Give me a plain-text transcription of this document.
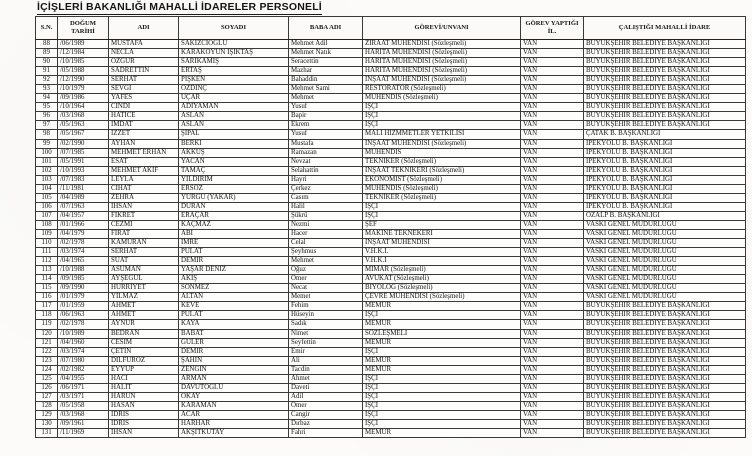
İÇİŞLERİ BAKANLIĞI MAHALLİ İDARELER PERSONELİ
S.N.	DOĞUM TARİHİ	ADI	SOYADI	BABA ADI	GÖREVİ/UNVANI	GÖREV YAPTIĞI İL.	ÇALIŞTIĞI MAHALLİ İDARE
88	/06/1989	MUSTAFA	SAKİZCİOĞLU	Mehmet Adil	ZİRAAT MÜHENDİSİ (Sözleşmeli)	VAN	BÜYÜKŞEHİR BELEDİYE BAŞKANLIĞI
89	/12/1984	NECLA	KARAKOYUN IŞIKTAŞ	Mehmet Natık	HARİTA MÜHENDİSİ (Sözleşmeli)	VAN	BÜYÜKŞEHİR BELEDİYE BAŞKANLIĞI
90	/10/1985	ÖZGÜR	SARIKAMIŞ	Seracettin	HARİTA MÜHENDİSİ (Sözleşmeli)	VAN	BÜYÜKŞEHİR BELEDİYE BAŞKANLIĞI
91	/05/1988	SADRETTİN	ERTAŞ	Mazhar	HARİTA MÜHENDİSİ (Sözleşmeli)	VAN	BÜYÜKŞEHİR BELEDİYE BAŞKANLIĞI
92	/12/1990	SERHAT	PİŞKEN	Bahaddin	İNŞAAT MÜHENDİSİ (Sözleşmeli)	VAN	BÜYÜKŞEHİR BELEDİYE BAŞKANLIĞI
93	/10/1979	SEVGİ	ÖZDİNÇ	Mehmet Sami	RESTORATÖR (Sözleşmeli)	VAN	BÜYÜKŞEHİR BELEDİYE BAŞKANLIĞI
94	/09/1986	YAFES	UÇAR	Mehmet	MÜHENDİS (Sözleşmeli)	VAN	BÜYÜKŞEHİR BELEDİYE BAŞKANLIĞI
95	/10/1964	CİNDİ	ADIYAMAN	Yusuf	İŞÇİ	VAN	BÜYÜKŞEHİR BELEDİYE BAŞKANLIĞI
96	/03/1968	HATİCE	ASLAN	Bapir	İŞÇİ	VAN	BÜYÜKŞEHİR BELEDİYE BAŞKANLIĞI
97	/05/1963	İMDAT	ASLAN	Ekrem	İŞÇİ	VAN	BÜYÜKŞEHİR BELEDİYE BAŞKANLIĞI
98	/05/1967	İZZET	ŞİPAL	Yusuf	MALİ HİZMMETLER YETKİLİSİ	VAN	ÇATAK B. BAŞKANLIĞI
99	/02/1990	AYHAN	BERKİ	Mustafa	İNŞAAT MÜHENDİSİ (Sözleşmeli)	VAN	İPEKYOLU B. BAŞKANLIĞI
100	/07/1985	MEHMET ERHAN	AKKUŞ	Ramazan	MÜHENDİS	VAN	İPEKYOLU B. BAŞKANLIĞI
101	/05/1991	ESAT	YACAN	Nevzat	TEKNİKER (Sözleşmeli)	VAN	İPEKYOLU B. BAŞKANLIĞI
102	/10/1993	MEHMET AKİF	TAMAÇ	Selahattin	İNŞAAT TEKNİKERİ (Sözleşmeli)	VAN	İPEKYOLU B. BAŞKANLIĞI
103	/07/1983	LEYLA	YILDIRIM	Hayri	EKONOMİST (Sözleşmeli)	VAN	İPEKYOLU B. BAŞKANLIĞI
104	/11/1981	CİHAT	ERSÖZ	Çerkez	MÜHENDİS (Sözleşmeli)	VAN	İPEKYOLU B. BAŞKANLIĞI
105	/04/1989	ZEHRA	YURĞU (YAKAR)	Casım	TEKNİKER (Sözleşmeli)	VAN	İPEKYOLU B. BAŞKANLIĞI
106	/07/1963	İHSAN	DURAN	Halil	İŞÇİ	VAN	İPEKYOLU B. BAŞKANLIĞI
107	/04/1957	FİKRET	ERAÇAR	Şükrü	İŞÇİ	VAN	ÖZALP B. BAŞKANLIĞI
108	/01/1966	CEZMİ	KAÇMAZ	Nezmi	ŞEF	VAN	VASKİ GENEL MÜDÜRLÜĞÜ
109	/04/1979	FIRAT	ABİ	Hacer	MAKİNE TEKNEKERİ	VAN	VASKİ GENEL MÜDÜRLÜĞÜ
110	/02/1978	KAMURAN	İMRE	Celal	İNŞAAT MÜHENDİSİ	VAN	VASKİ GENEL MÜDÜRLÜĞÜ
111	/03/1974	SERHAT	PULAT	Şeyhmus	V.H.K.İ.	VAN	VASKİ GENEL MÜDÜRLÜĞÜ
112	/04/1965	SUAT	DEMİR	Mehmet	V.H.K.İ	VAN	VASKİ GENEL MÜDÜRLÜĞÜ
113	/10/1988	ASUMAN	YAŞAR DENİZ	Oğuz	MİMAR (Sözleşmeli)	VAN	VASKİ GENEL MÜDÜRLÜĞÜ
114	/09/1985	AYŞEGÜL	AKIŞ	Ömer	AVUKAT (Sözleşmeli)	VAN	VASKİ GENEL MÜDÜRLÜĞÜ
115	/09/1990	HÜRRİYET	SÖNMEZ	Necat	BİYOLOG (Sözleşmeli)	VAN	VASKİ GENEL MÜDÜRLÜĞÜ
116	/01/1979	YILMAZ	ALTAN	Memet	ÇEVRE MÜHENDİSİ (Sözleşmeli)	VAN	VASKİ GENEL MÜDÜRLÜĞÜ
117	/01/1959	AHMET	KEVE	Fehim	MEMUR	VAN	BÜYÜKŞEHİR BELEDİYE BAŞKANLIĞI
118	/06/1963	AHMET	PULAT	Hüseyin	İŞÇİ	VAN	BÜYÜKŞEHİR BELEDİYE BAŞKANLIĞI
119	/02/1978	AYNUR	KAYA	Sadık	MEMUR	VAN	BÜYÜKŞEHİR BELEDİYE BAŞKANLIĞI
120	/10/1989	BEDRAN	BABAT	Nimet	SÖZLEŞMELİ	VAN	BÜYÜKŞEHİR BELEDİYE BAŞKANLIĞI
121	/04/1960	CESİM	GÜLER	Seyfettin	MEMUR	VAN	BÜYÜKŞEHİR BELEDİYE BAŞKANLIĞI
122	/03/1974	ÇETİN	DEMİR	Emir	İŞÇİ	VAN	BÜYÜKŞEHİR BELEDİYE BAŞKANLIĞI
123	/07/1980	DİLFUROZ	ŞAHİN	Ali	MEMUR	VAN	BÜYÜKŞEHİR BELEDİYE BAŞKANLIĞI
124	/02/1982	EYYÜP	ZENGİN	Tacdin	MEMUR	VAN	BÜYÜKŞEHİR BELEDİYE BAŞKANLIĞI
125	/04/1955	HACI	ARMAN	Ahmet	İŞÇİ	VAN	BÜYÜKŞEHİR BELEDİYE BAŞKANLIĞI
126	/06/1971	HALİT	DAVUTOĞLU	Daveti	İŞÇİ	VAN	BÜYÜKŞEHİR BELEDİYE BAŞKANLIĞI
127	/03/1971	HARUN	OKAY	Adil	İŞÇİ	VAN	BÜYÜKŞEHİR BELEDİYE BAŞKANLIĞI
128	/05/1958	HASAN	KARAMAN	Ömer	İŞÇİ	VAN	BÜYÜKŞEHİR BELEDİYE BAŞKANLIĞI
129	/03/1968	İDRİS	ACAR	Cangir	İŞÇİ	VAN	BÜYÜKŞEHİR BELEDİYE BAŞKANLIĞI
130	/09/1961	İDRİS	HARHAR	Dırbaz	İŞÇİ	VAN	BÜYÜKŞEHİR BELEDİYE BAŞKANLIĞI
131	/11/1969	İHSAN	AKŞİTKÜTAY	Fahri	MEMUR	VAN	BÜYÜKŞEHİR BELEDİYE BAŞKANLIĞI
